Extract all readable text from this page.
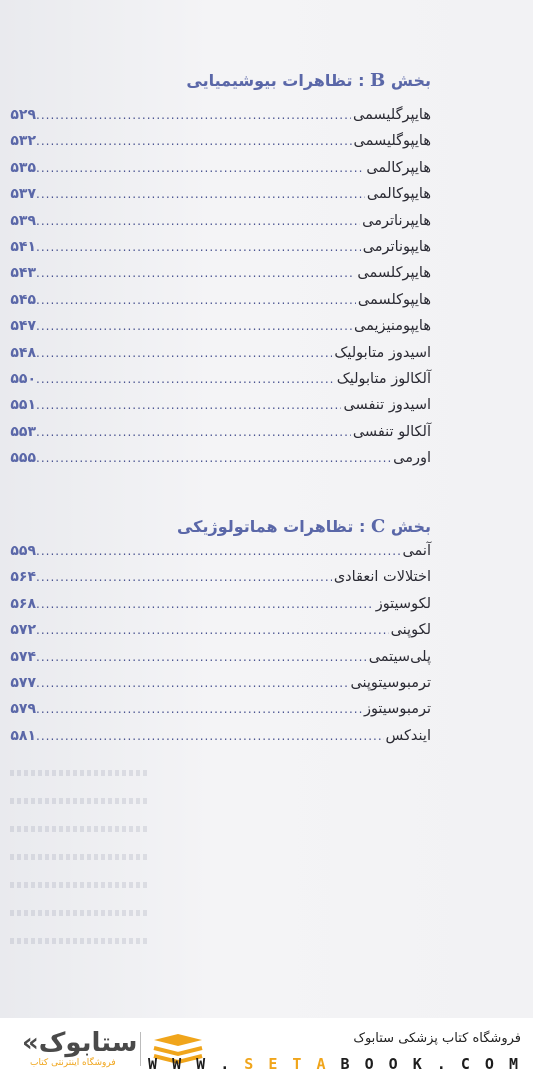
بخش B : تظاهرات بیوشیمیایی
هایپرگلیسمی
.....
۵۲۹
هایپوگلیسمی
.....
۵۳۲
هایپرکالمی
.....
۵۳۵
هایپوکالمی
.....
۵۳۷
هایپرناترمی
.....
۵۳۹
هایپوناترمی
.....
۵۴۱
هایپرکلسمی
.....
۵۴۳
هایپوکلسمی
.....
۵۴۵
هایپومنیزیمی
.....
۵۴۷
اسیدوز متابولیک
.....
۵۴۸
آلکالوز متابولیک
.....
۵۵۰
اسیدوز تنفسی
.....
۵۵۱
آلکالو تنفسی
.....
۵۵۳
اورمی
.....
۵۵۵
بخش C : تظاهرات هماتولوژیکی
آنمی
.....
۵۵۹
اختلالات انعقادی
.....
۵۶۴
لکوسیتوز
.....
۵۶۸
لکوپنی
.....
۵۷۲
پلی‌سیتمی
.....
۵۷۴
ترمبوسیتوپنی
.....
۵۷۷
ترمبوسیتوز
.....
۵۷۹
ایندکس
.....
۵۸۱
ستابوک»
فروشگاه اینترنتی کتاب
فروشگاه کتاب پزشکی ستابوک
W W W . S E T A B O O K . C O M
